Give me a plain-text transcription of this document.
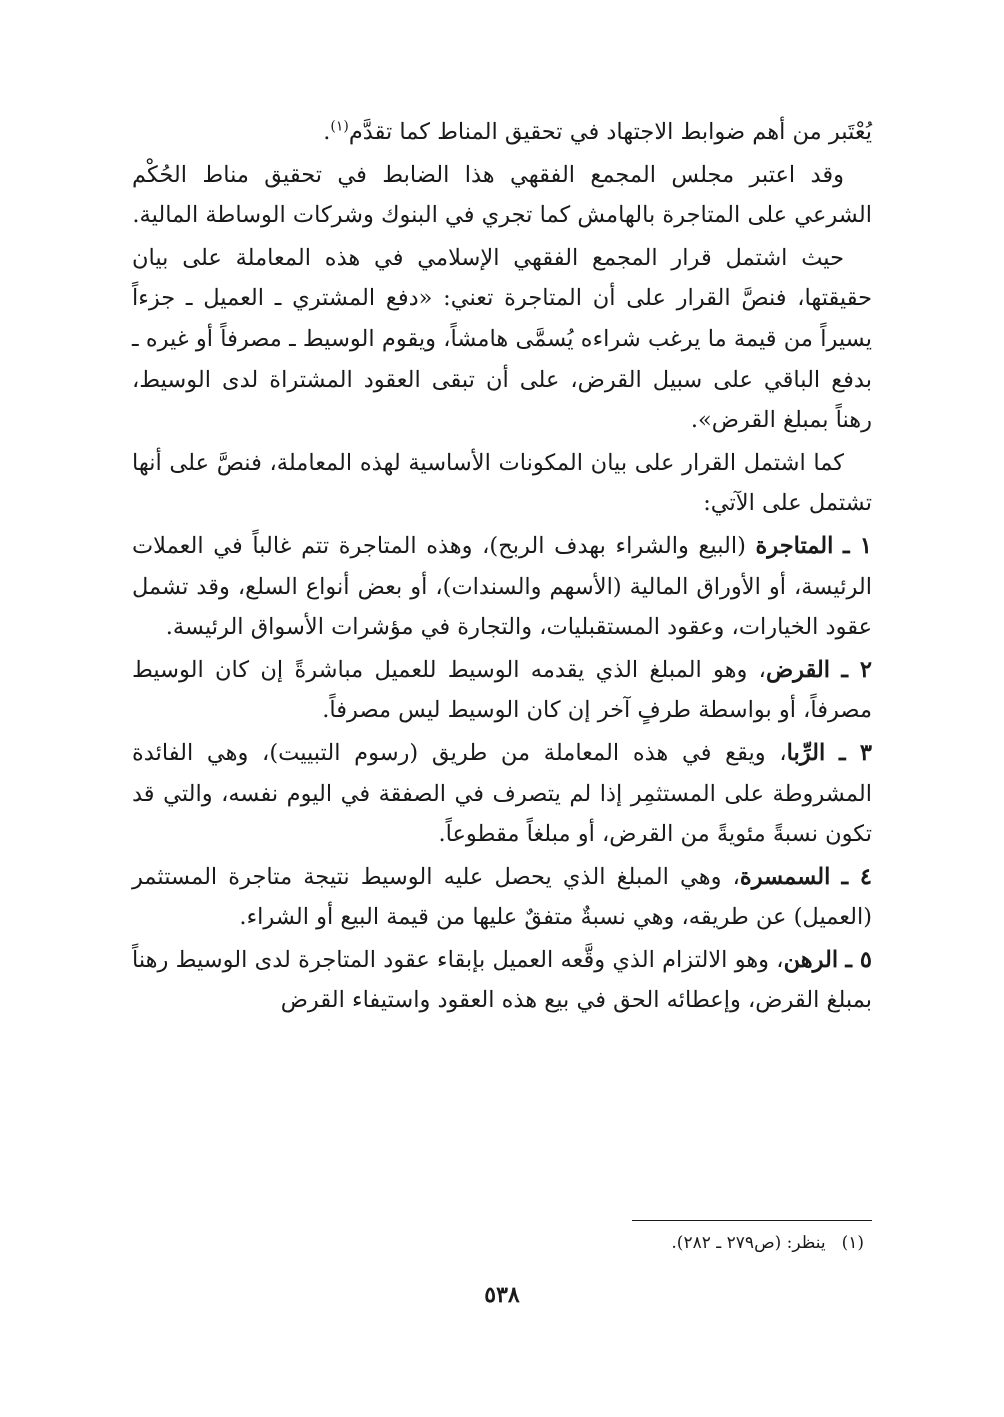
يُعْتَبر من أهم ضوابط الاجتهاد في تحقيق المناط كما تقدَّم$^{(١)}$.

وقد اعتبر مجلس المجمع الفقهي هذا الضابط في تحقيق مناط الحُكْم الشرعي على المتاجرة بالهامش كما تجري في البنوك وشركات الوساطة المالية.

حيث اشتمل قرار المجمع الفقهي الإسلامي في هذه المعاملة على بيان حقيقتها، فنصَّ القرار على أن المتاجرة تعني: «دفع المشتري ـ العميل ـ جزءاً يسيراً من قيمة ما يرغب شراءه يُسمَّى هامشاً، ويقوم الوسيط ـ مصرفاً أو غيره ـ بدفع الباقي على سبيل القرض، على أن تبقى العقود المشتراة لدى الوسيط، رهناً بمبلغ القرض».

كما اشتمل القرار على بيان المكونات الأساسية لهذه المعاملة، فنصَّ على أنها تشتمل على الآتي:

١ ـ المتاجرة (البيع والشراء بهدف الربح)، وهذه المتاجرة تتم غالباً في العملات الرئيسة، أو الأوراق المالية (الأسهم والسندات)، أو بعض أنواع السلع، وقد تشمل عقود الخيارات، وعقود المستقبليات، والتجارة في مؤشرات الأسواق الرئيسة.

٢ ـ القرض، وهو المبلغ الذي يقدمه الوسيط للعميل مباشرةً إن كان الوسيط مصرفاً، أو بواسطة طرفٍ آخر إن كان الوسيط ليس مصرفاً.

٣ ـ الرِّبا، ويقع في هذه المعاملة من طريق (رسوم التبييت)، وهي الفائدة المشروطة على المستثمِر إذا لم يتصرف في الصفقة في اليوم نفسه، والتي قد تكون نسبةً مئويةً من القرض، أو مبلغاً مقطوعاً.

٤ ـ السمسرة، وهي المبلغ الذي يحصل عليه الوسيط نتيجة متاجرة المستثمر (العميل) عن طريقه، وهي نسبةٌ متفقٌ عليها من قيمة البيع أو الشراء.

٥ ـ الرهن، وهو الالتزام الذي وقَّعه العميل بإبقاء عقود المتاجرة لدى الوسيط رهناً بمبلغ القرض، وإعطائه الحق في بيع هذه العقود واستيفاء القرض

(١)ينظر: (ص٢٧٩ ـ ٢٨٢).
٥٣٨
